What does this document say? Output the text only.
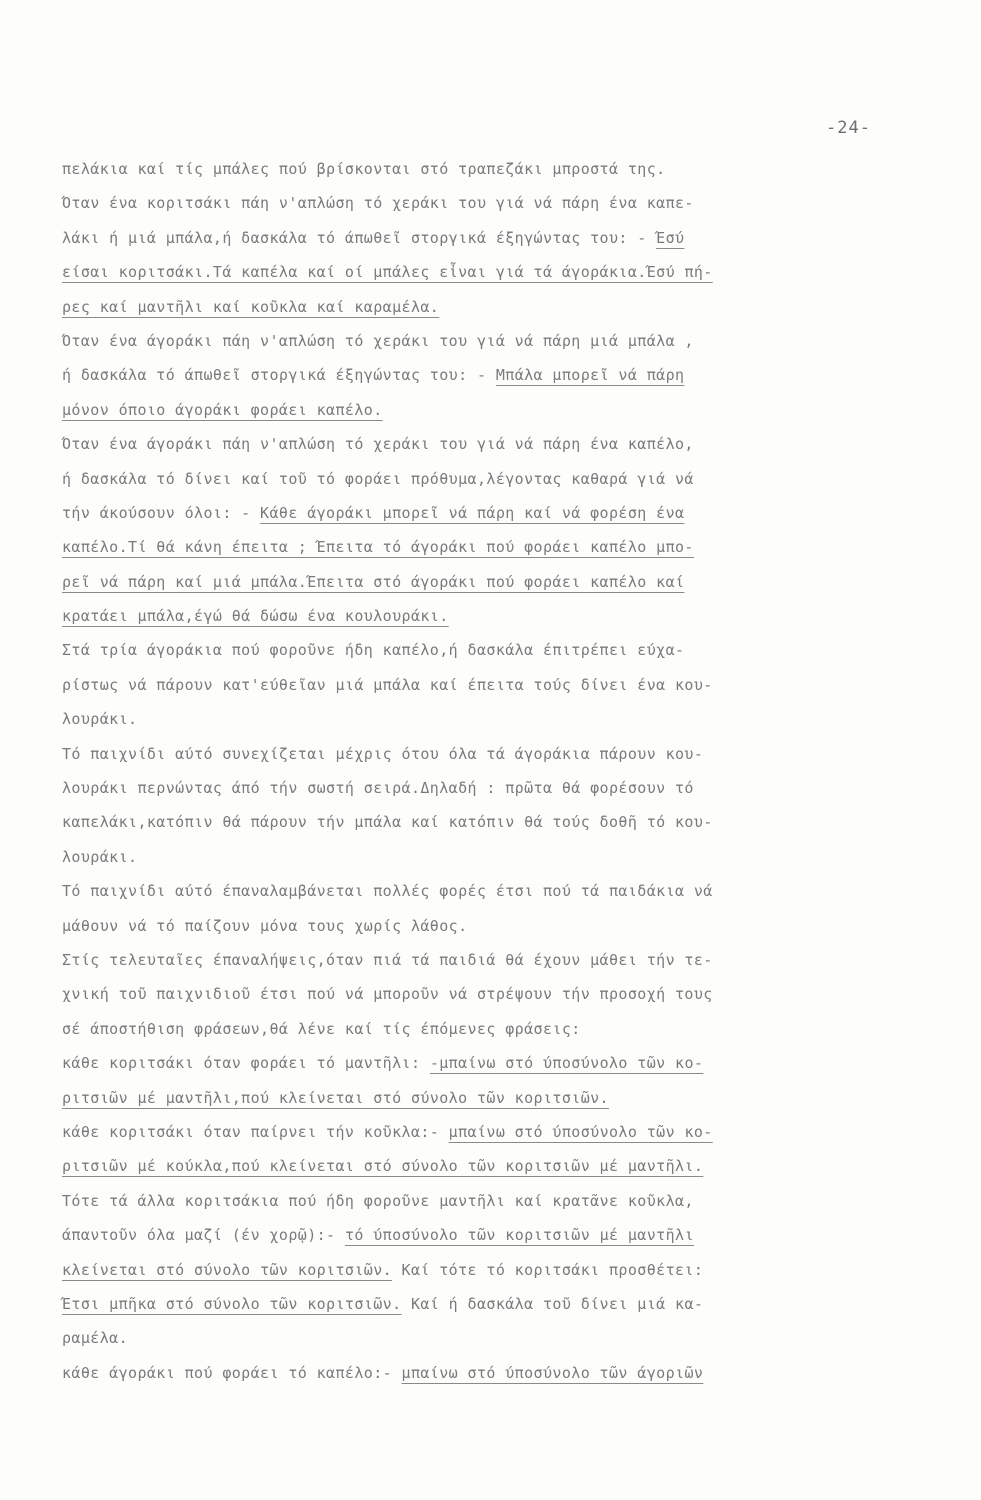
-24-
πελάκια καί τίς μπάλες πού βρίσκονται στό τραπεζάκι μπροστά της.
Όταν ένα κοριτσάκι πάη ν'απλώση τό χεράκι του γιά νά πάρη ένα καπε-
λάκι ή μιά μπάλα,ή δασκάλα τό άπωθεῖ στοργικά έξηγώντας του: - Έσύ
είσαι κοριτσάκι.Τά καπέλα καί οί μπάλες εἶναι γιά τά άγοράκια.Έσύ πή-
ρες καί μαντῆλι καί κοῦκλα καί καραμέλα.
Όταν ένα άγοράκι πάη ν'απλώση τό χεράκι του γιά νά πάρη μιά μπάλα ,
ή δασκάλα τό άπωθεῖ στοργικά έξηγώντας του: - Μπάλα μπορεῖ νά πάρη
μόνον όποιο άγοράκι φοράει καπέλο.
Όταν ένα άγοράκι πάη ν'απλώση τό χεράκι του γιά νά πάρη ένα καπέλο,
ή δασκάλα τό δίνει καί τοῦ τό φοράει πρόθυμα,λέγοντας καθαρά γιά νά
τήν άκούσουν όλοι: - Κάθε άγοράκι μπορεῖ νά πάρη καί νά φορέση ένα
καπέλο.Τί θά κάνη έπειτα ; Έπειτα τό άγοράκι πού φοράει καπέλο μπο-
ρεῖ νά πάρη καί μιά μπάλα.Έπειτα στό άγοράκι πού φοράει καπέλο καί
κρατάει μπάλα,έγώ θά δώσω ένα κουλουράκι.
Στά τρία άγοράκια πού φοροῦνε ήδη καπέλο,ή δασκάλα έπιτρέπει εύχα-
ρίστως νά πάρουν κατ'εύθεῖαν μιά μπάλα καί έπειτα τούς δίνει ένα κου-
λουράκι.
Τό παιχνίδι αύτό συνεχίζεται μέχρις ότου όλα τά άγοράκια πάρουν κου-
λουράκι περνώντας άπό τήν σωστή σειρά.Δηλαδή : πρῶτα θά φορέσουν τό
καπελάκι,κατόπιν θά πάρουν τήν μπάλα καί κατόπιν θά τούς δοθῆ τό κου-
λουράκι.
Τό παιχνίδι αύτό έπαναλαμβάνεται πολλές φορές έτσι πού τά παιδάκια νά
μάθουν νά τό παίζουν μόνα τους χωρίς λάθος.
Στίς τελευταῖες έπαναλήψεις,όταν πιά τά παιδιά θά έχουν μάθει τήν τε-
χνική τοῦ παιχνιδιοῦ έτσι πού νά μποροῦν νά στρέψουν τήν προσοχή τους
σέ άποστήθιση φράσεων,θά λένε καί τίς έπόμενες φράσεις:
κάθε κοριτσάκι όταν φοράει τό μαντῆλι: -μπαίνω στό ύποσύνολο τῶν κο-
ριτσιῶν μέ μαντῆλι,πού κλείνεται στό σύνολο τῶν κοριτσιῶν.
κάθε κοριτσάκι όταν παίρνει τήν κοῦκλα:- μπαίνω στό ύποσύνολο τῶν κο-
ριτσιῶν μέ κούκλα,πού κλείνεται στό σύνολο τῶν κοριτσιῶν μέ μαντῆλι.
Τότε τά άλλα κοριτσάκια πού ήδη φοροῦνε μαντῆλι καί κρατᾶνε κοῦκλα,
άπαντοῦν όλα μαζί (έν χορῷ):- τό ύποσύνολο τῶν κοριτσιῶν μέ μαντῆλι
κλείνεται στό σύνολο τῶν κοριτσιῶν. Καί τότε τό κοριτσάκι προσθέτει:
Έτσι μπῆκα στό σύνολο τῶν κοριτσιῶν. Καί ή δασκάλα τοῦ δίνει μιά κα-
ραμέλα.
κάθε άγοράκι πού φοράει τό καπέλο:- μπαίνω στό ύποσύνολο τῶν άγοριῶν
